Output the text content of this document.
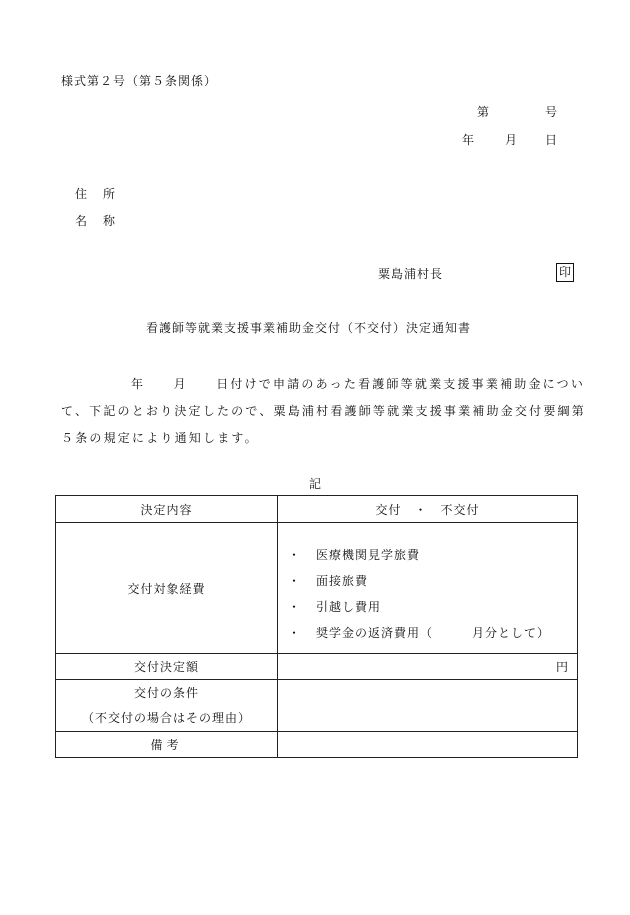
様式第２号（第５条関係）
第	号
年 月 日
住　所
名　称
粟島浦村長	印
看護師等就業支援事業補助金交付（不交付）決定通知書
年　　月　　日付けで申請のあった看護師等就業支援事業補助金につい
て、下記のとおり決定したので、粟島浦村看護師等就業支援事業補助金交付要綱第
５条の規定により通知します。
記
決定内容	交付　・　不交付
交付対象経費	・ 医療機関見学旅費
・ 面接旅費
・ 引越し費用
・ 奨学金の返済費用（　　　月分として）

交付決定額	円

交付の条件
（不交付の場合はその理由）	

備考	
